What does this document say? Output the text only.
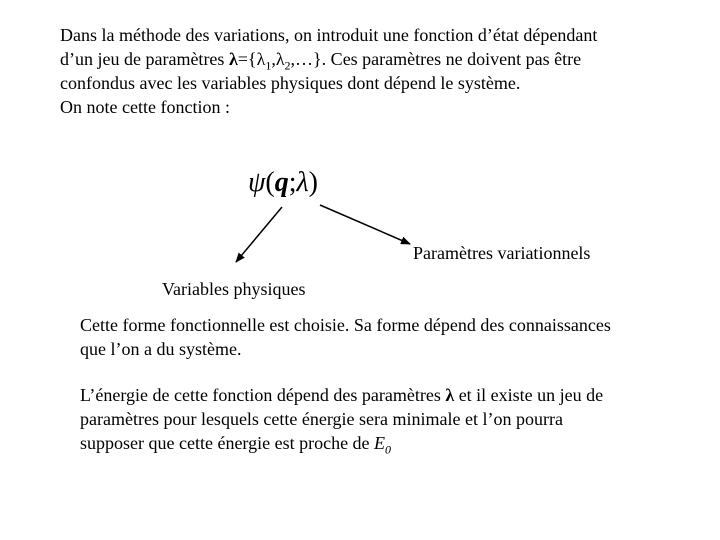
Dans la méthode des variations, on introduit une fonction d’état dépendant
d’un jeu de paramètres $\lambda=\{\lambda_1,\lambda_2,\dots\}$. Ces paramètres ne doivent pas être
confondus avec les variables physiques dont dépend le système.
On note cette fonction :
ψ(q;λ)
Paramètres variationnels
Variables physiques
Cette forme fonctionnelle est choisie. Sa forme dépend des connaissances
que l’on a du système.
L’énergie de cette fonction dépend des paramètres λ et il existe un jeu de
paramètres pour lesquels cette énergie sera minimale et l’on pourra
supposer que cette énergie est proche de $E_0$
